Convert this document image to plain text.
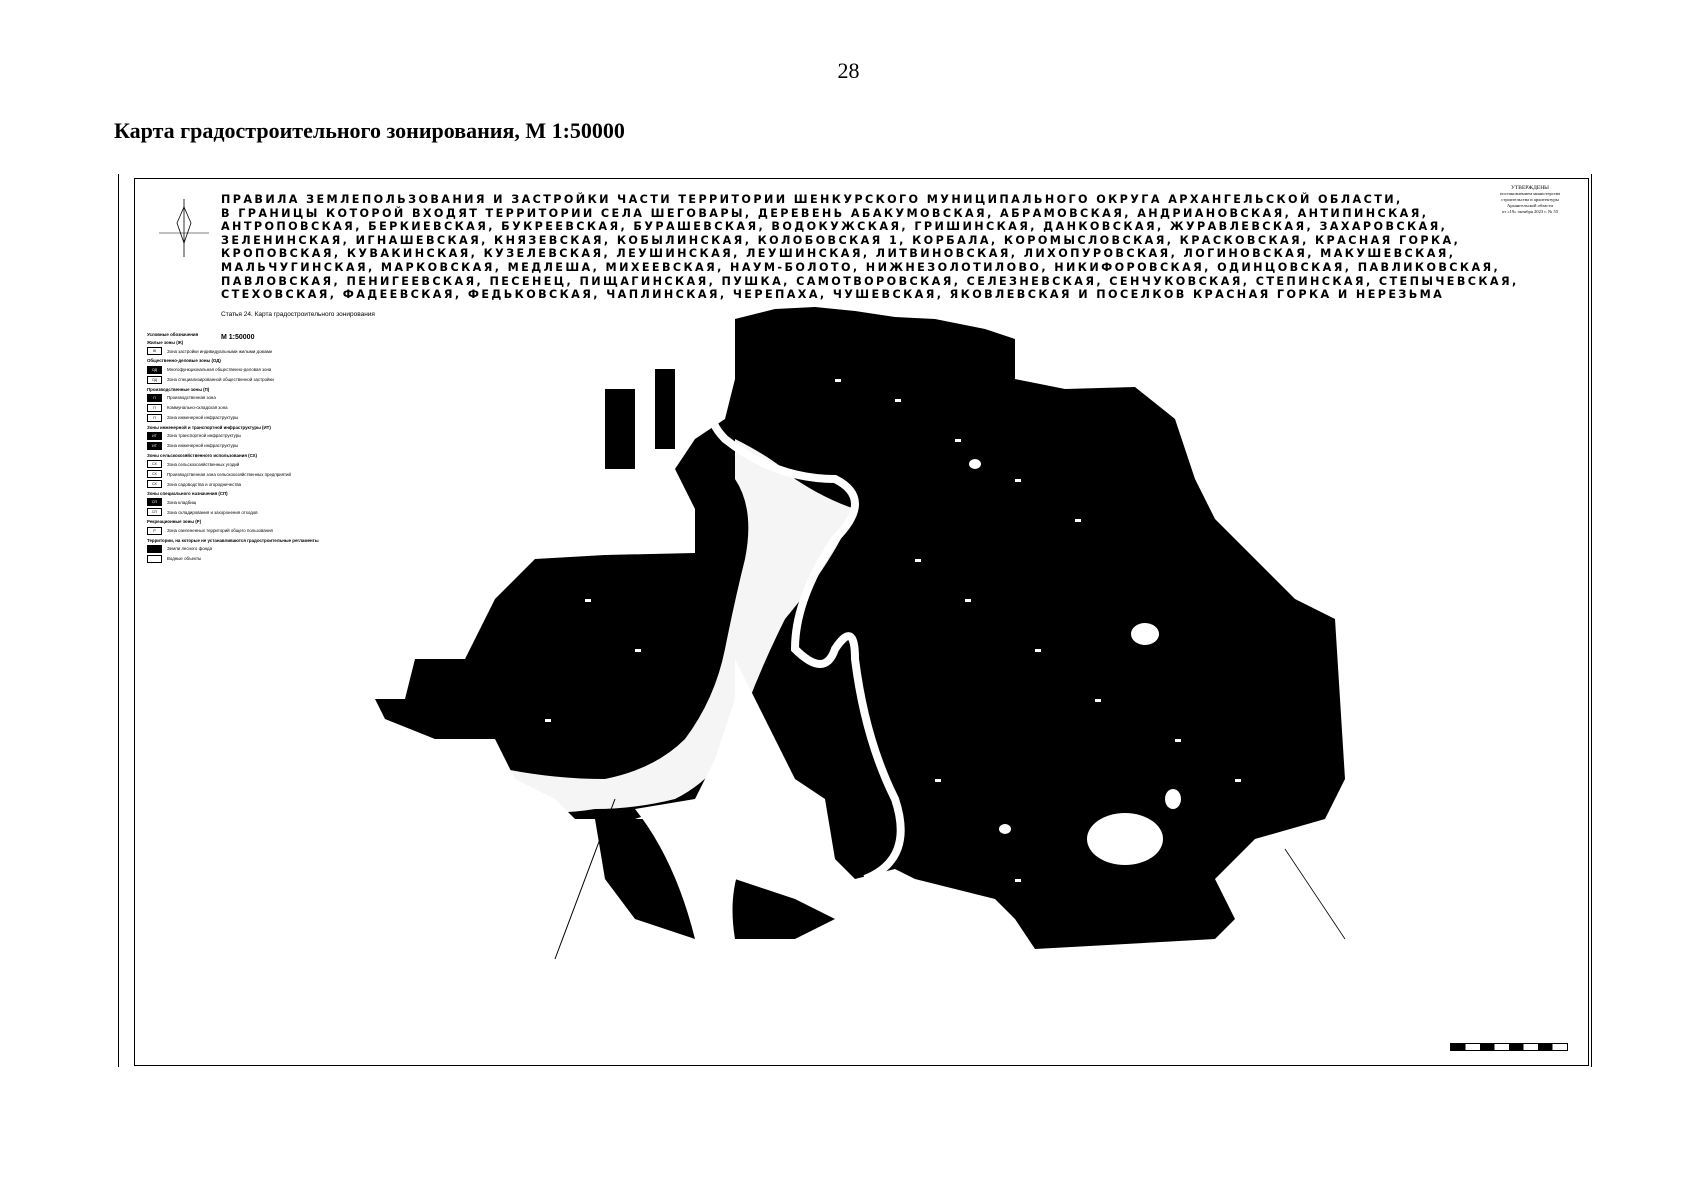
28
Карта градостроительного зонирования, М 1:50000
ПРАВИЛА ЗЕМЛЕПОЛЬЗОВАНИЯ И ЗАСТРОЙКИ ЧАСТИ ТЕРРИТОРИИ ШЕНКУРСКОГО МУНИЦИПАЛЬНОГО ОКРУГА АРХАНГЕЛЬСКОЙ ОБЛАСТИ,
В ГРАНИЦЫ КОТОРОЙ ВХОДЯТ ТЕРРИТОРИИ СЕЛА ШЕГОВАРЫ, ДЕРЕВЕНЬ АБАКУМОВСКАЯ, АБРАМОВСКАЯ, АНДРИАНОВСКАЯ, АНТИПИНСКАЯ,
АНТРОПОВСКАЯ, БЕРКИЕВСКАЯ, БУКРЕЕВСКАЯ, БУРАШЕВСКАЯ, ВОДОКУЖСКАЯ, ГРИШИНСКАЯ, ДАНКОВСКАЯ, ЖУРАВЛЕВСКАЯ, ЗАХАРОВСКАЯ,
ЗЕЛЕНИНСКАЯ, ИГНАШЕВСКАЯ, КНЯЗЕВСКАЯ, КОБЫЛИНСКАЯ, КОЛОБОВСКАЯ 1, КОРБАЛА, КОРОМЫСЛОВСКАЯ, КРАСКОВСКАЯ, КРАСНАЯ ГОРКА,
КРОПОВСКАЯ, КУВАКИНСКАЯ, КУЗЕЛЕВСКАЯ, ЛЕУШИНСКАЯ, ЛЕУШИНСКАЯ, ЛИТВИНОВСКАЯ, ЛИХОПУРОВСКАЯ, ЛОГИНОВСКАЯ, МАКУШЕВСКАЯ,
МАЛЬЧУГИНСКАЯ, МАРКОВСКАЯ, МЕДЛЕША, МИХЕЕВСКАЯ, НАУМ-БОЛОТО, НИЖНЕЗОЛОТИЛОВО, НИКИФОРОВСКАЯ, ОДИНЦОВСКАЯ, ПАВЛИКОВСКАЯ,
ПАВЛОВСКАЯ, ПЕНИГЕЕВСКАЯ, ПЕСЕНЕЦ, ПИЩАГИНСКАЯ, ПУШКА, САМОТВОРОВСКАЯ, СЕЛЕЗНЕВСКАЯ, СЕНЧУКОВСКАЯ, СТЕПИНСКАЯ, СТЕПЫЧЕВСКАЯ,
СТЕХОВСКАЯ, ФАДЕЕВСКАЯ, ФЕДЬКОВСКАЯ, ЧАПЛИНСКАЯ, ЧЕРЕПАХА, ЧУШЕВСКАЯ, ЯКОВЛЕВСКАЯ И ПОСЕЛКОВ КРАСНАЯ ГОРКА И НЕРЕЗЬМА
Статья 24. Карта градостроительного зонирования
М 1:50000
УТВЕРЖДЕНЫ
постановлением министерства
строительства и архитектуры
Архангельской области
от «19» октября 2023 г. № 55
Условные обозначения
Жилые зоны (Ж)
Ж	Зона застройки индивидуальными жилыми домами
Общественно-деловые зоны (ОД)
ОД	Многофункциональная общественно-деловая зона
ОД	Зона специализированной общественной застройки
Производственные зоны (П)
П	Производственная зона
П	Коммунально-складская зона
П	Зона инженерной инфраструктуры
Зоны инженерной и транспортной инфраструктуры (ИТ)
ИТ	Зона транспортной инфраструктуры
ИТ	Зона инженерной инфраструктуры
Зоны сельскохозяйственного использования (СХ)
СХ	Зона сельскохозяйственных угодий
СХ	Производственная зона сельскохозяйственных предприятий
СХ	Зона садоводства и огородничества
Зоны специального назначения (СП)
СП	Зона кладбищ
СП	Зона складирования и захоронения отходов
Рекреационные зоны (Р)
Р	Зона озелененных территорий общего пользования
Территории, на которые не устанавливаются градостроительные регламенты
Земли лесного фонда
Водные объекты
